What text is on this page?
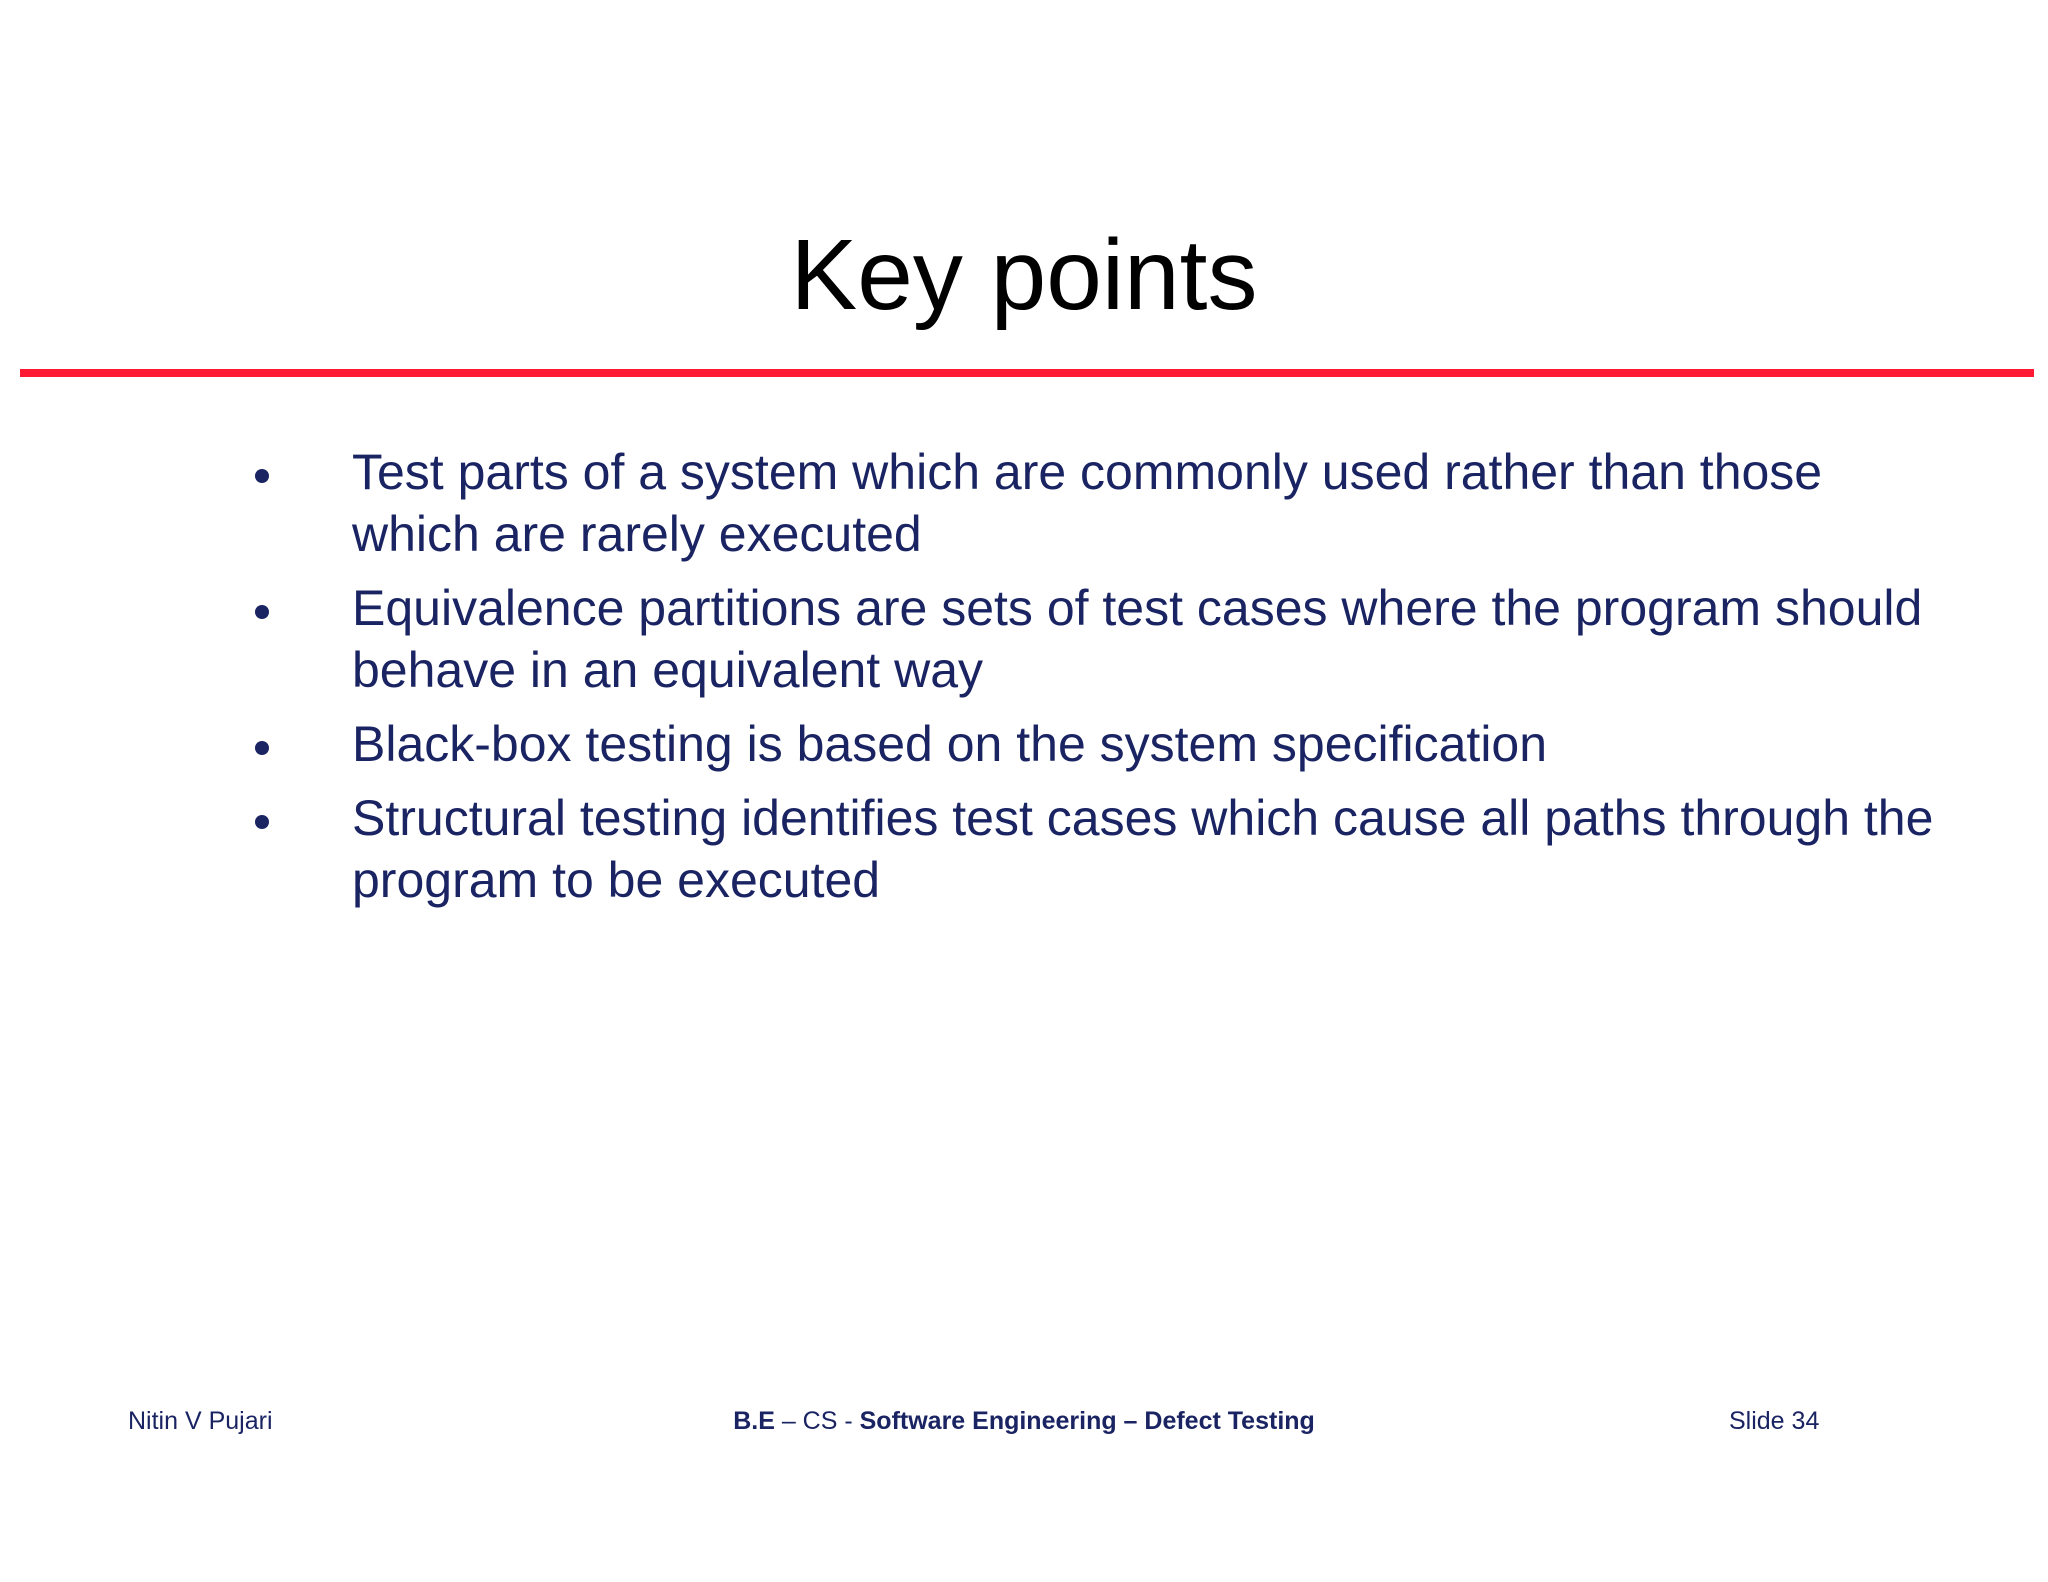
Key points
Test parts of a system which are commonly used rather than those which are rarely executed
Equivalence partitions are sets of test cases where the program should behave in an equivalent way
Black-box testing is based on the system specification
Structural testing identifies test cases which cause all paths through the program to be executed
Nitin V Pujari	B.E – CS - Software Engineering – Defect Testing	Slide 34
